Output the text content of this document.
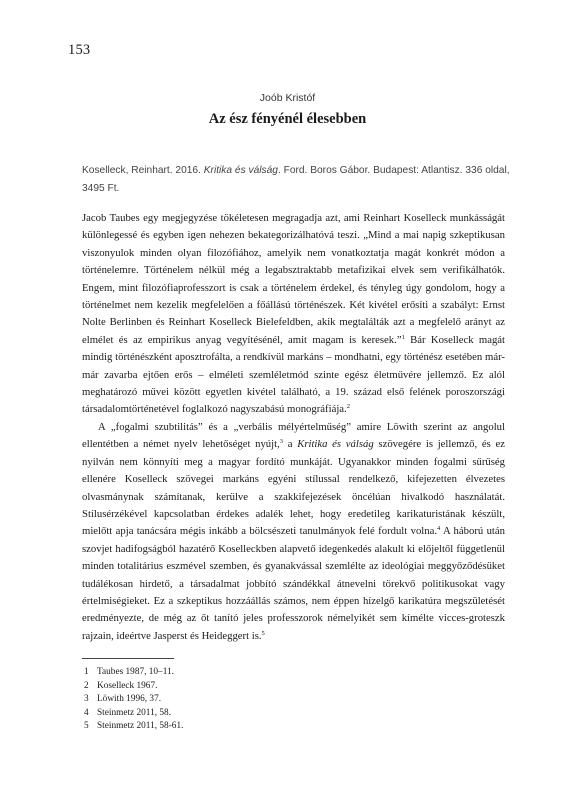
153
Joób Kristóf
Az ész fényénél élesebben
Koselleck, Reinhart. 2016. Kritika és válság. Ford. Boros Gábor. Budapest: Atlantisz. 336 oldal, 3495 Ft.

Jacob Taubes egy megjegyzése tökéletesen megragadja azt, ami Reinhart Koselleck munkásságát különlegessé és egyben igen nehezen bekategorizálhatóvá teszi. „Mind a mai napig szkeptikusan viszonyulok minden olyan filozófiához, amelyik nem vonatkoztatja magát konkrét módon a történelemre. Történelem nélkül még a legabsztraktabb metafizikai elvek sem verifikálhatók. Engem, mint filozófiaprofesszort is csak a történelem érdekel, és tényleg úgy gondolom, hogy a történelmet nem kezelik megfelelően a főállású történészek. Két kivétel erősíti a szabályt: Ernst Nolte Berlinben és Reinhart Koselleck Bielefeldben, akik megtalálták azt a megfelelő arányt az elmélet és az empirikus anyag vegyítésénél, amit magam is keresek.”$^1$ Bár Koselleck magát mindig történészként aposztrofálta, a rendkívül markáns – mondhatni, egy történész esetében már-már zavarba ejtően erős – elméleti szemléletmód szinte egész életművére jellemző. Ez alól meghatározó művei között egyetlen kivétel található, a 19. század első felének poroszországi társadalomtörténetével foglalkozó nagyszabású monográfiája.$^2$

A „fogalmi szubtilitás” és a „verbális mélyértelműség” amire Löwith szerint az angolul ellentétben a német nyelv lehetőséget nyújt,$^3$ a Kritika és válság szövegére is jellemző, és ez nyilván nem könnyíti meg a magyar fordító munkáját. Ugyanakkor minden fogalmi sűrűség ellenére Koselleck szövegei markáns egyéni stílussal rendelkező, kifejezetten élvezetes olvasmánynak számítanak, kerülve a szakkifejezések öncélúan hivalkodó használatát. Stílusérzékével kapcsolatban érdekes adalék lehet, hogy eredetileg karikaturistának készült, mielőtt apja tanácsára mégis inkább a bölcsészeti tanulmányok felé fordult volna.$^4$ A háború után szovjet hadifogságból hazatérő Koselleckben alapvető idegenkedés alakult ki előjeltől függetlenül minden totalitárius eszmével szemben, és gyanakvással szemlélte az ideológiai meggyőződésüket tudálékosan hirdető, a társadalmat jobbító szándékkal átnevelni törekvő politikusokat vagy értelmiségieket. Ez a szkeptikus hozzáállás számos, nem éppen hízelgő karikatúra megszületését eredményezte, de még az őt tanító jeles professzorok némelyikét sem kímélte vicces-groteszk rajzain, ideértve Jasperst és Heideggert is.$^5$

1 Taubes 1987, 10–11.
2 Koselleck 1967.
3 Löwith 1996, 37.
4 Steinmetz 2011, 58.
5 Steinmetz 2011, 58-61.
